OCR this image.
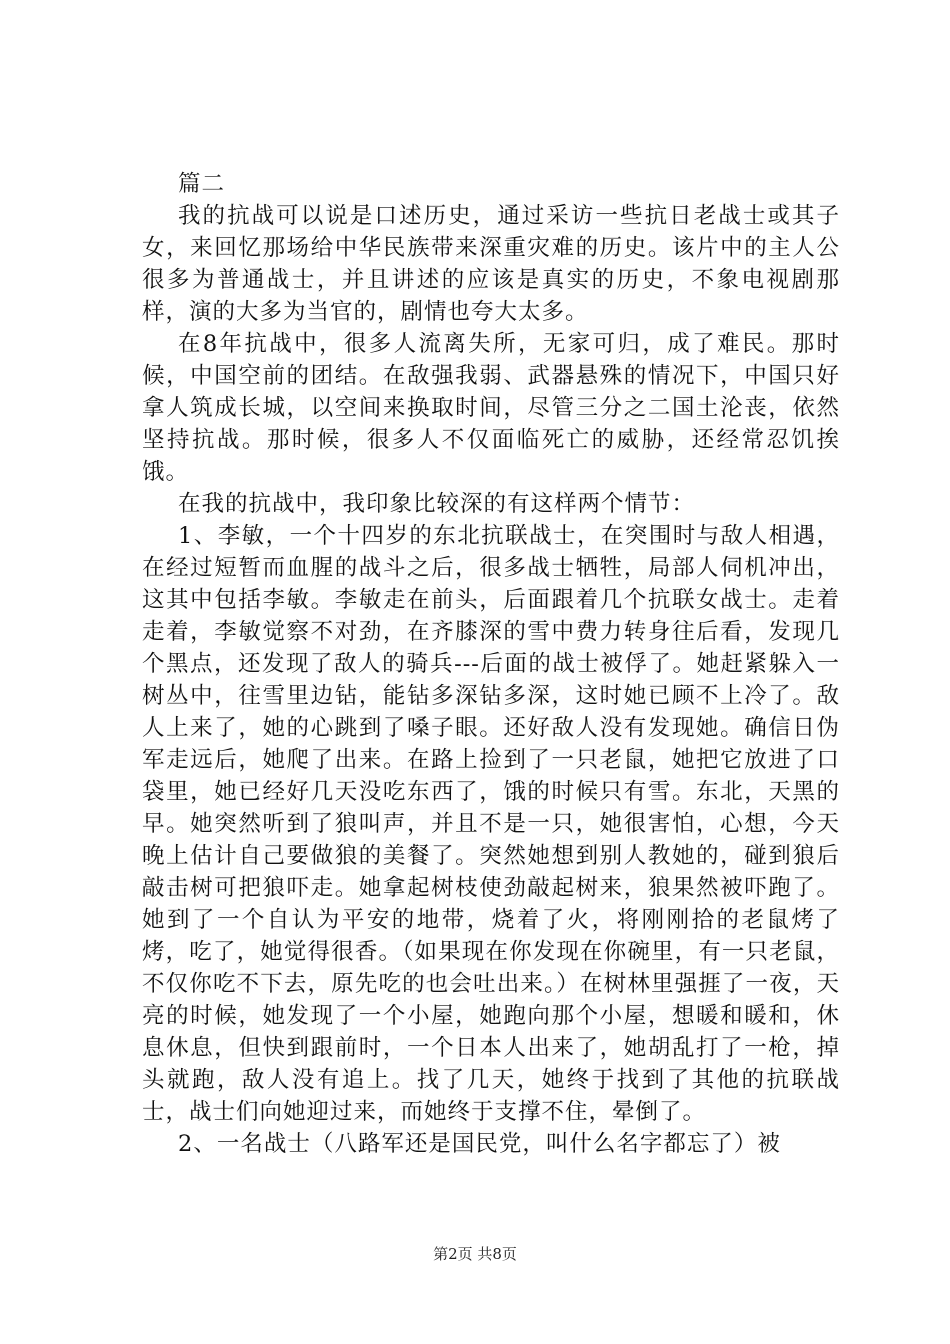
篇二

我的抗战可以说是口述历史，通过采访一些抗日老战士或其子女，来回忆那场给中华民族带来深重灾难的历史。该片中的主人公很多为普通战士，并且讲述的应该是真实的历史，不象电视剧那样，演的大多为当官的，剧情也夸大太多。

在8年抗战中，很多人流离失所，无家可归，成了难民。那时候，中国空前的团结。在敌强我弱、武器悬殊的情况下，中国只好拿人筑成长城，以空间来换取时间，尽管三分之二国土沦丧，依然坚持抗战。那时候，很多人不仅面临死亡的威胁，还经常忍饥挨饿。

在我的抗战中，我印象比较深的有这样两个情节：

1、李敏，一个十四岁的东北抗联战士，在突围时与敌人相遇，在经过短暂而血腥的战斗之后，很多战士牺牲，局部人伺机冲出，这其中包括李敏。李敏走在前头，后面跟着几个抗联女战士。走着走着，李敏觉察不对劲，在齐膝深的雪中费力转身往后看，发现几个黑点，还发现了敌人的骑兵---后面的战士被俘了。她赶紧躲入一树丛中，往雪里边钻，能钻多深钻多深，这时她已顾不上冷了。敌人上来了，她的心跳到了嗓子眼。还好敌人没有发现她。确信日伪军走远后，她爬了出来。在路上捡到了一只老鼠，她把它放进了口袋里，她已经好几天没吃东西了，饿的时候只有雪。东北，天黑的早。她突然听到了狼叫声，并且不是一只，她很害怕，心想，今天晚上估计自己要做狼的美餐了。突然她想到别人教她的，碰到狼后敲击树可把狼吓走。她拿起树枝使劲敲起树来，狼果然被吓跑了。她到了一个自认为平安的地带，烧着了火，将刚刚拾的老鼠烤了烤，吃了，她觉得很香。（如果现在你发现在你碗里，有一只老鼠，不仅你吃不下去，原先吃的也会吐出来。）在树林里强捱了一夜，天亮的时候，她发现了一个小屋，她跑向那个小屋，想暖和暖和，休息休息，但快到跟前时，一个日本人出来了，她胡乱打了一枪，掉头就跑，敌人没有追上。找了几天，她终于找到了其他的抗联战士，战士们向她迎过来，而她终于支撑不住，晕倒了。

2、一名战士（八路军还是国民党，叫什么名字都忘了）被

第2页 共8页
